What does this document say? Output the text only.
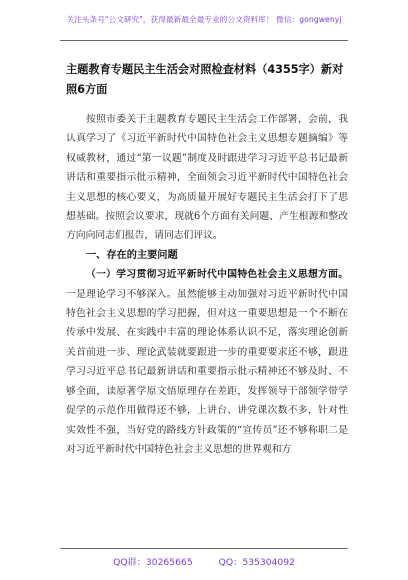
关注头条号"公文研究"，获得最新最全最专业的公文资料库！ 微信：gongwenyj

主题教育专题民主生活会对照检查材料（4355字）新对照6方面

按照市委关于主题教育专题民主生活会工作部署，会前，我认真学习了《习近平新时代中国特色社会主义思想专题摘编》等权威教材，通过“第一议题”制度及时跟进学习习近平总书记最新讲话和重要指示批示精神，全面领会习近平新时代中国特色社会主义思想的核心要义，为高质量开展好专题民主生活会打下了思想基础。按照会议要求，现就6个方面有关问题、产生根源和整改方向向同志们报告，请同志们评议。

一、存在的主要问题

（一）学习贯彻习近平新时代中国特色社会主义思想方面。一是理论学习不够深入。虽然能够主动加强对习近平新时代中国特色社会主义思想的学习把握，但对这一重要思想是一个不断在传承中发展、在实践中丰富的理论体系认识不足，落实理论创新关首前进一步、理论武装就要跟进一步的重要要求还不够，跟进学习习近平总书记最新讲话和重要指示批示精神还不够及时、不够全面，读原著学原文悟原理存在差距，发挥领导干部领学带学促学的示范作用做得还不够，上讲台、讲党课次数不多，针对性实效性不强，当好党的路线方针政策的“宣传员”还不够称职二是对习近平新时代中国特色社会主义思想的世界观和方

QQ群：30265665	QQ：535304092
